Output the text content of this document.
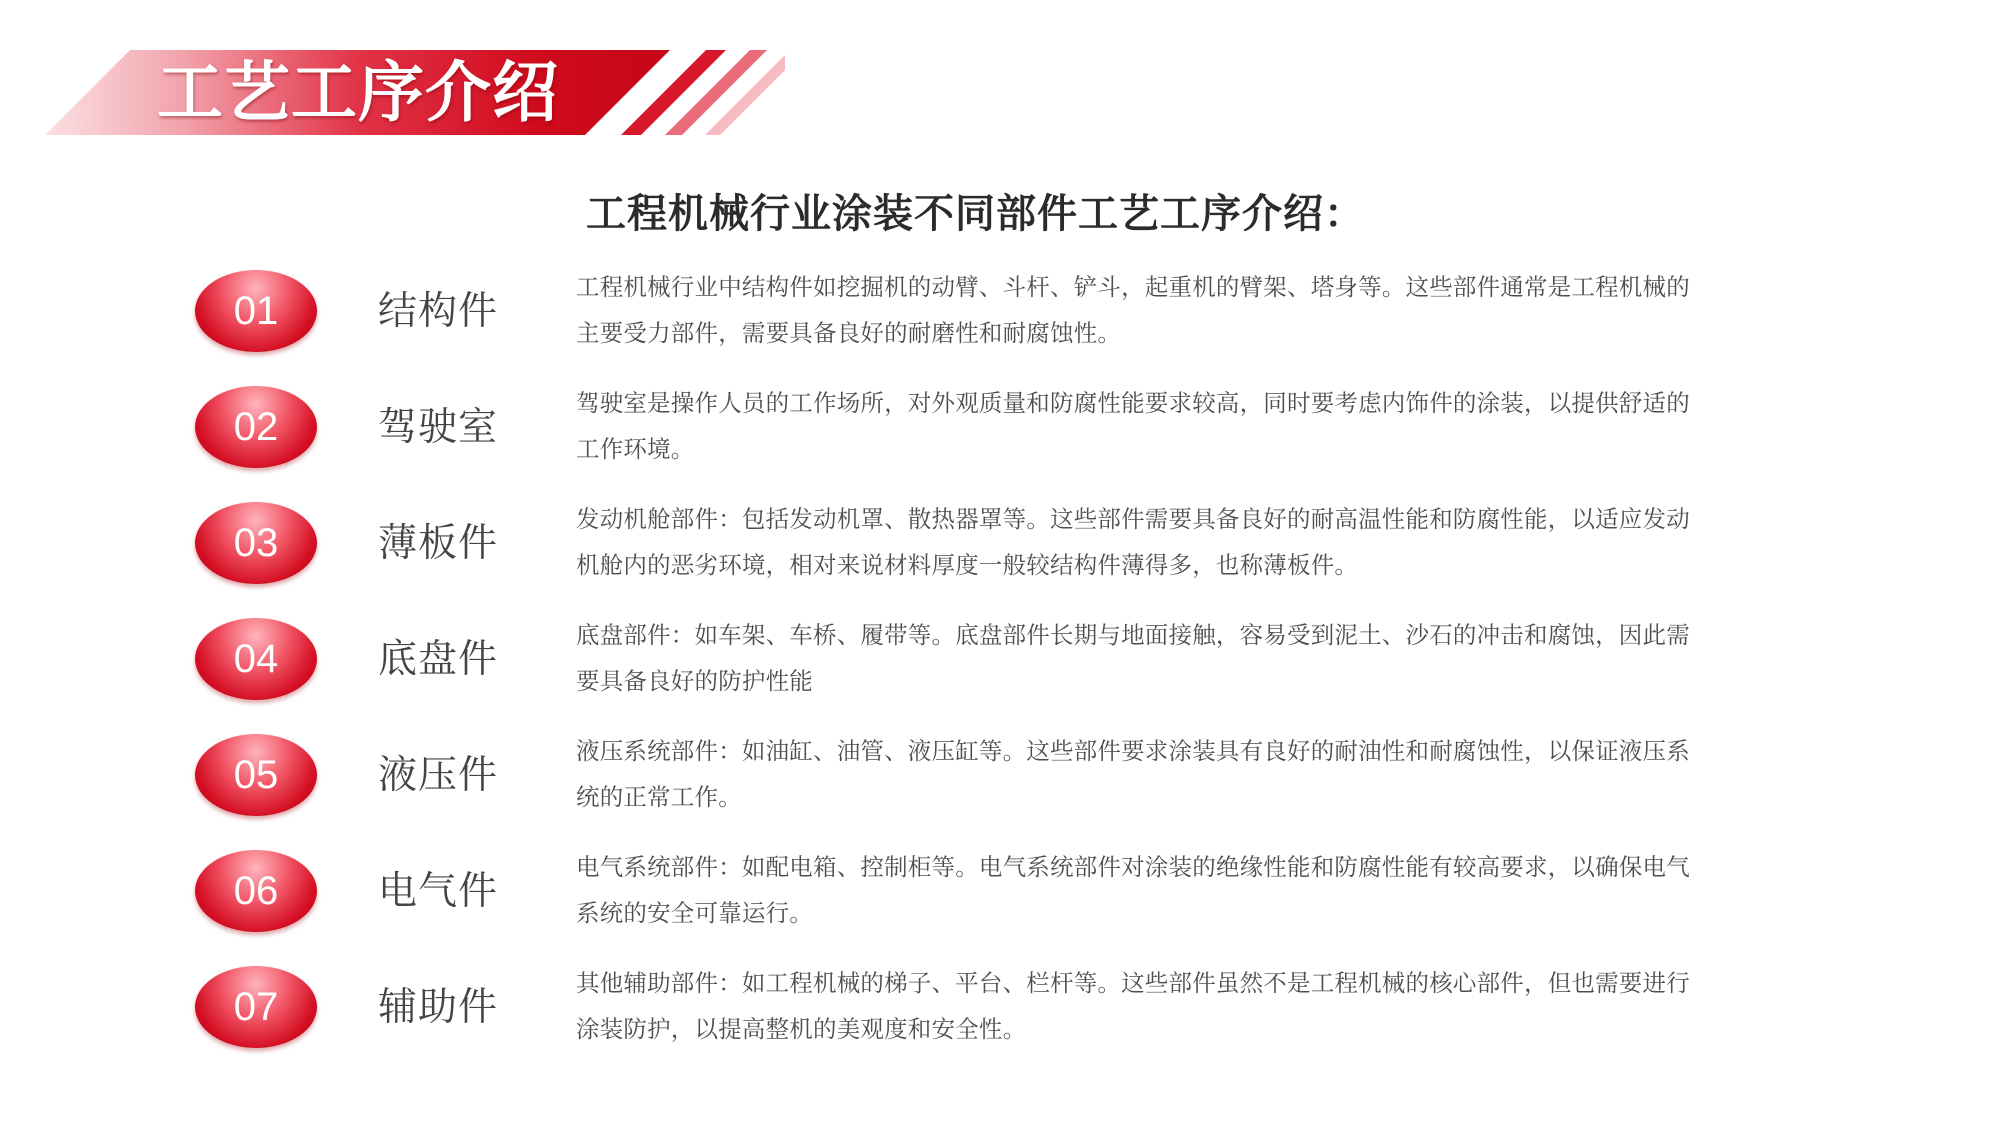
工艺工序介绍
工程机械行业涂装不同部件工艺工序介绍：
01	结构件

工程机械行业中结构件如挖掘机的动臂、斗杆、铲斗，起重机的臂架、塔身等。这些部件通常是工程机械的主要受力部件，需要具备良好的耐磨性和耐腐蚀性。

02	驾驶室

驾驶室是操作人员的工作场所，对外观质量和防腐性能要求较高，同时要考虑内饰件的涂装，以提供舒适的工作环境。

03	薄板件

发动机舱部件：包括发动机罩、散热器罩等。这些部件需要具备良好的耐高温性能和防腐性能，以适应发动机舱内的恶劣环境，相对来说材料厚度一般较结构件薄得多，也称薄板件。

04	底盘件

底盘部件：如车架、车桥、履带等。底盘部件长期与地面接触，容易受到泥土、沙石的冲击和腐蚀，因此需要具备良好的防护性能

05	液压件

液压系统部件：如油缸、油管、液压缸等。这些部件要求涂装具有良好的耐油性和耐腐蚀性，以保证液压系统的正常工作。

06	电气件

电气系统部件：如配电箱、控制柜等。电气系统部件对涂装的绝缘性能和防腐性能有较高要求，以确保电气系统的安全可靠运行。

07	辅助件

其他辅助部件：如工程机械的梯子、平台、栏杆等。这些部件虽然不是工程机械的核心部件，但也需要进行涂装防护，以提高整机的美观度和安全性。
